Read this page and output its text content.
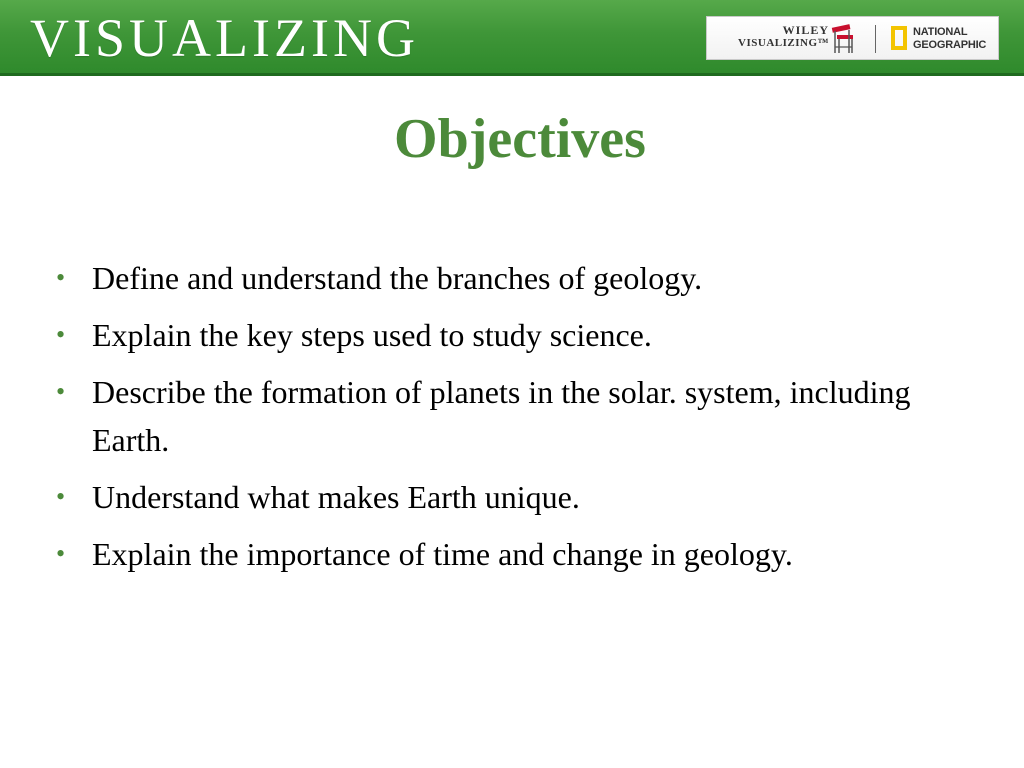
VISUALIZING	WILEY
VISUALIZING™
NATIONAL
GEOGRAPHIC
Objectives
• Define and understand the branches of geology.
• Explain the key steps used to study science.
• Describe the formation of planets in the solar. system, including Earth.
• Understand what makes Earth unique.
• Explain the importance of time and change in geology.
